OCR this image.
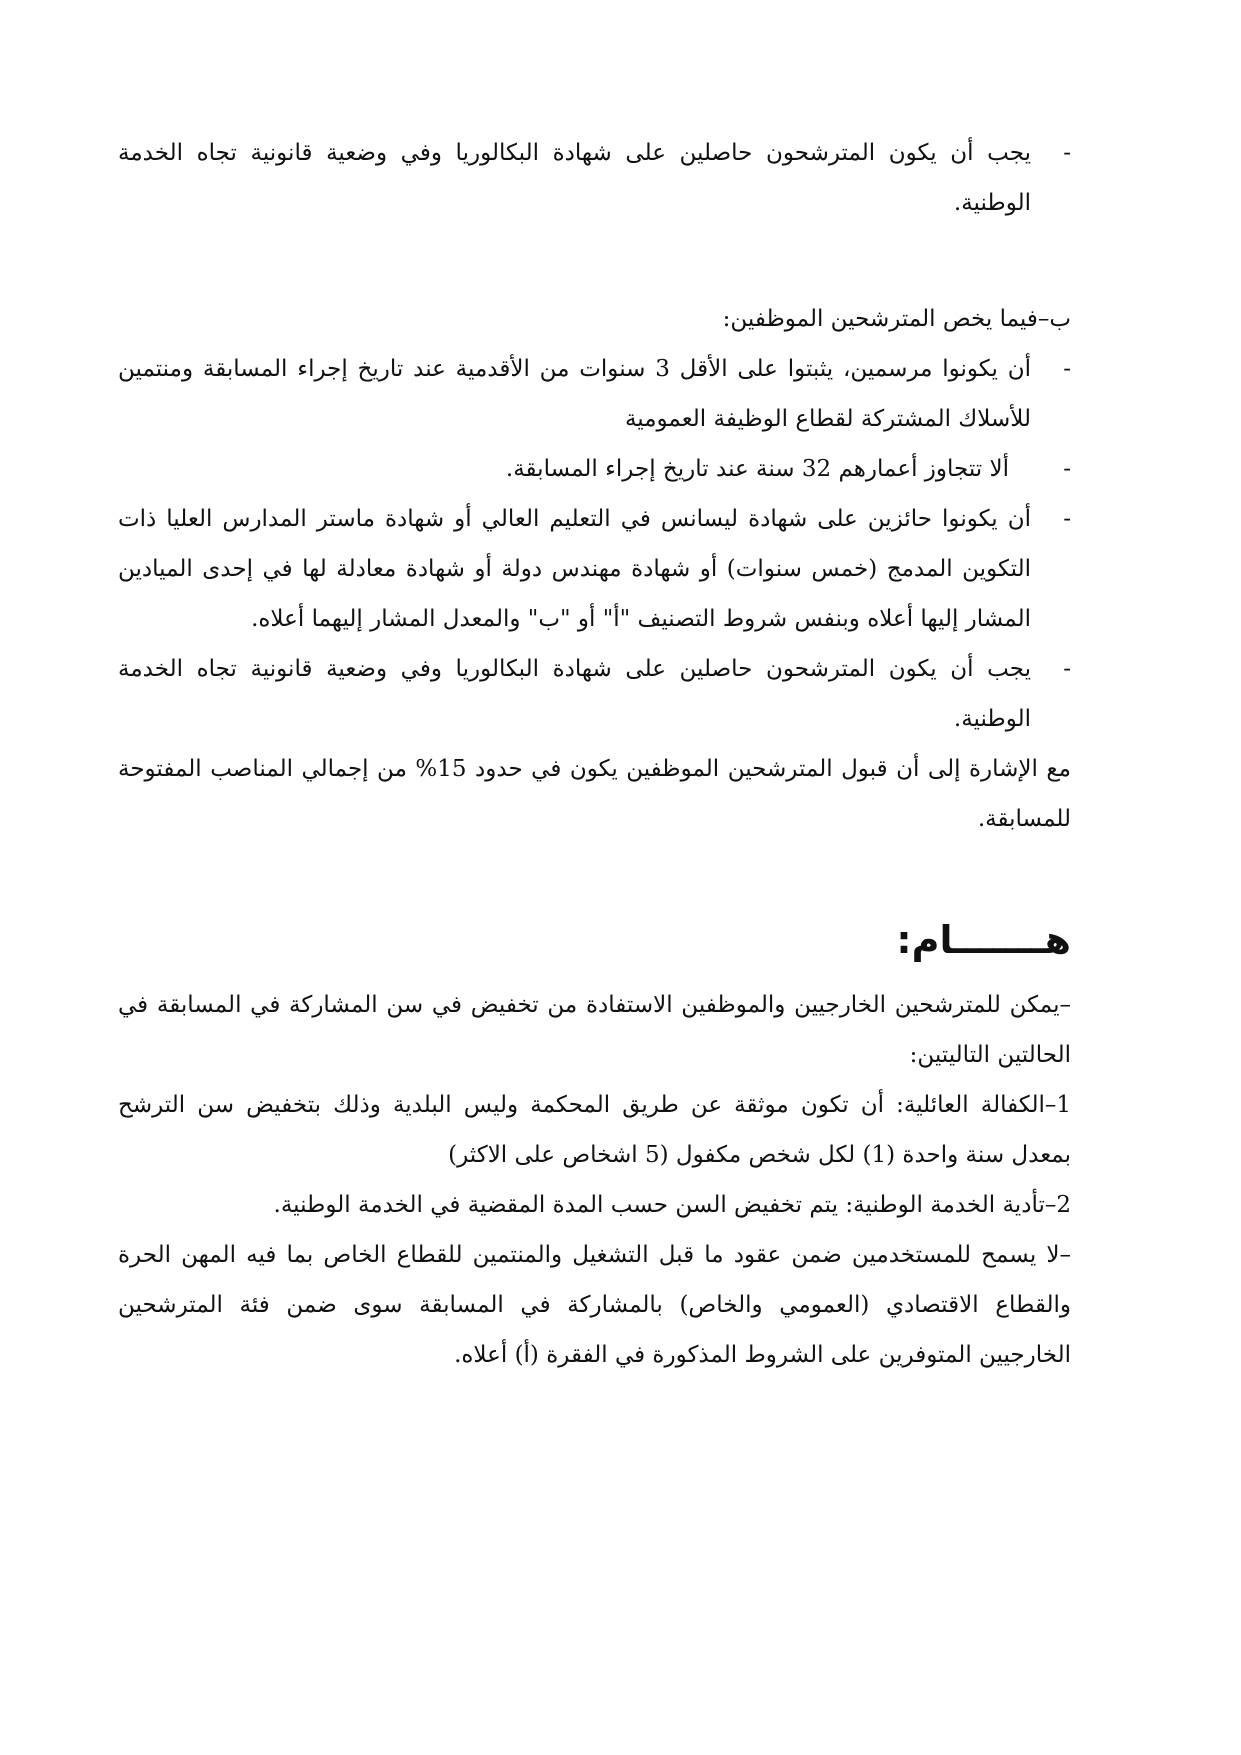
-

يجب أن يكون المترشحون حاصلين على شهادة البكالوريا وفي وضعية قانونية تجاه الخدمة الوطنية.

ب–فيما يخص المترشحين الموظفين:

-

أن يكونوا مرسمين، يثبتوا على الأقل 3 سنوات من الأقدمية عند تاريخ إجراء المسابقة ومنتمين للأسلاك المشتركة لقطاع الوظيفة العمومية

-

ألا تتجاوز أعمارهم 32 سنة عند تاريخ إجراء المسابقة.

-

أن يكونوا حائزين على شهادة ليسانس في التعليم العالي أو شهادة ماستر المدارس العليا ذات التكوين المدمج (خمس سنوات) أو شهادة مهندس دولة أو شهادة معادلة لها في إحدى الميادين المشار إليها أعلاه وبنفس شروط التصنيف "أ" أو "ب" والمعدل المشار إليهما أعلاه.

-

يجب أن يكون المترشحون حاصلين على شهادة البكالوريا وفي وضعية قانونية تجاه الخدمة الوطنية.

مع الإشارة إلى أن قبول المترشحين الموظفين يكون في حدود 15% من إجمالي المناصب المفتوحة للمسابقة.

هـــــــام:

–يمكن للمترشحين الخارجيين والموظفين الاستفادة من تخفيض في سن المشاركة في المسابقة في الحالتين التاليتين:

1–الكفالة العائلية: أن تكون موثقة عن طريق المحكمة وليس البلدية وذلك بتخفيض سن الترشح بمعدل سنة واحدة (1) لكل شخص مكفول (5 اشخاص على الاكثر)

2–تأدية الخدمة الوطنية: يتم تخفيض السن حسب المدة المقضية في الخدمة الوطنية.

–لا يسمح للمستخدمين ضمن عقود ما قبل التشغيل والمنتمين للقطاع الخاص بما فيه المهن الحرة والقطاع الاقتصادي (العمومي والخاص) بالمشاركة في المسابقة سوى ضمن فئة المترشحين الخارجيين المتوفرين على الشروط المذكورة في الفقرة (أ) أعلاه.
